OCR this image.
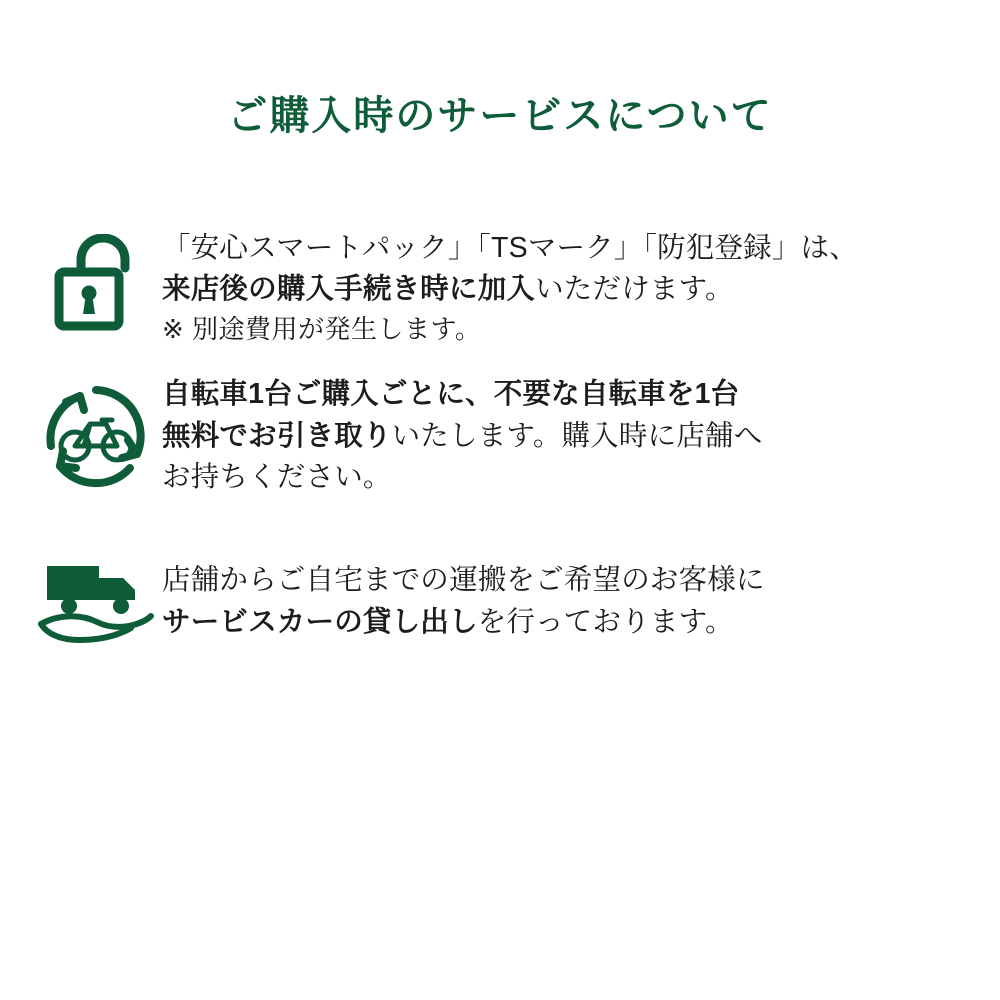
ご購入時のサービスについて
「安心スマートパック」「TSマーク」「防犯登録」は、
来店後の購入手続き時に加入いただけます。
※ 別途費用が発生します。
自転車1台ご購入ごとに、不要な自転車を1台
無料でお引き取りいたします。購入時に店舗へ
お持ちください。
店舗からご自宅までの運搬をご希望のお客様に
サービスカーの貸し出しを行っております。
